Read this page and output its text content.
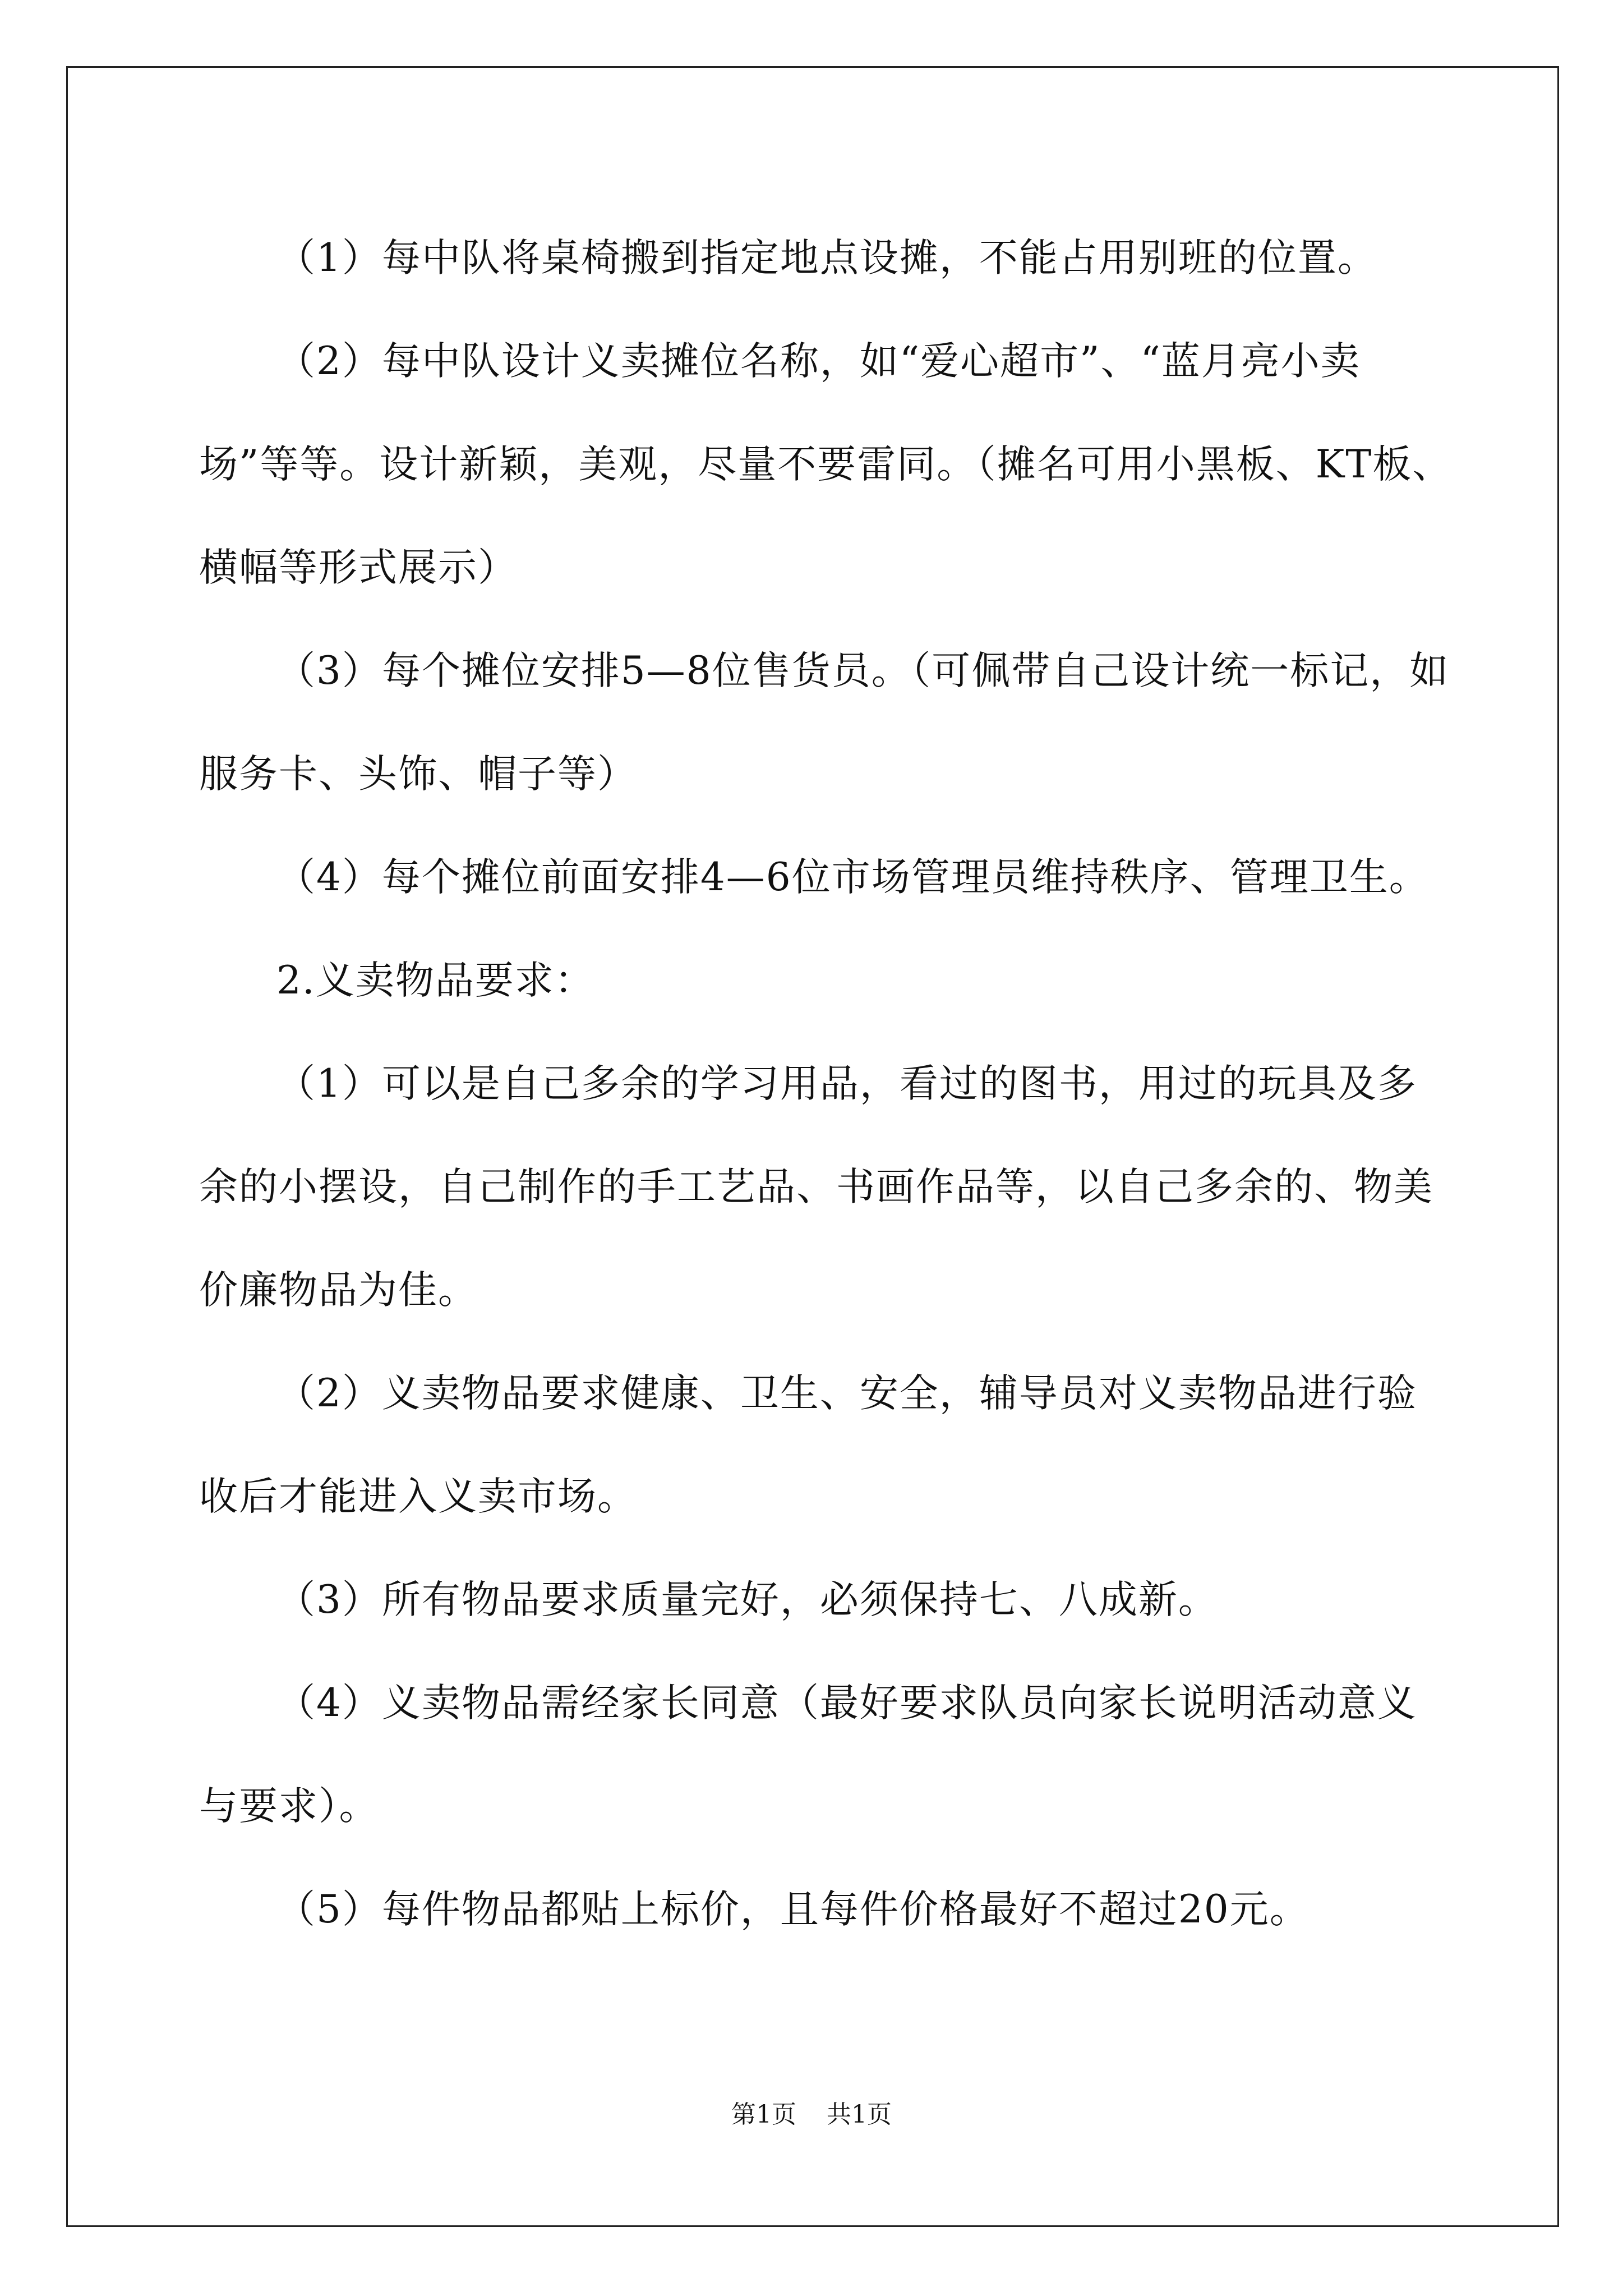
（1）每中队将桌椅搬到指定地点设摊，不能占用别班的位置。

（2）每中队设计义卖摊位名称，如“爱心超市”、“蓝月亮小卖场”等等。设计新颖，美观，尽量不要雷同。（摊名可用小黑板、KT板、横幅等形式展示）

（3）每个摊位安排5—8位售货员。（可佩带自己设计统一标记，如服务卡、头饰、帽子等）

（4）每个摊位前面安排4—6位市场管理员维持秩序、管理卫生。

2.义卖物品要求：

（1）可以是自己多余的学习用品，看过的图书，用过的玩具及多余的小摆设，自己制作的手工艺品、书画作品等，以自己多余的、物美价廉物品为佳。

（2）义卖物品要求健康、卫生、安全，辅导员对义卖物品进行验收后才能进入义卖市场。

（3）所有物品要求质量完好，必须保持七、八成新。

（4）义卖物品需经家长同意（最好要求队员向家长说明活动意义与要求）。

（5）每件物品都贴上标价，且每件价格最好不超过20元。

第1页 共1页
